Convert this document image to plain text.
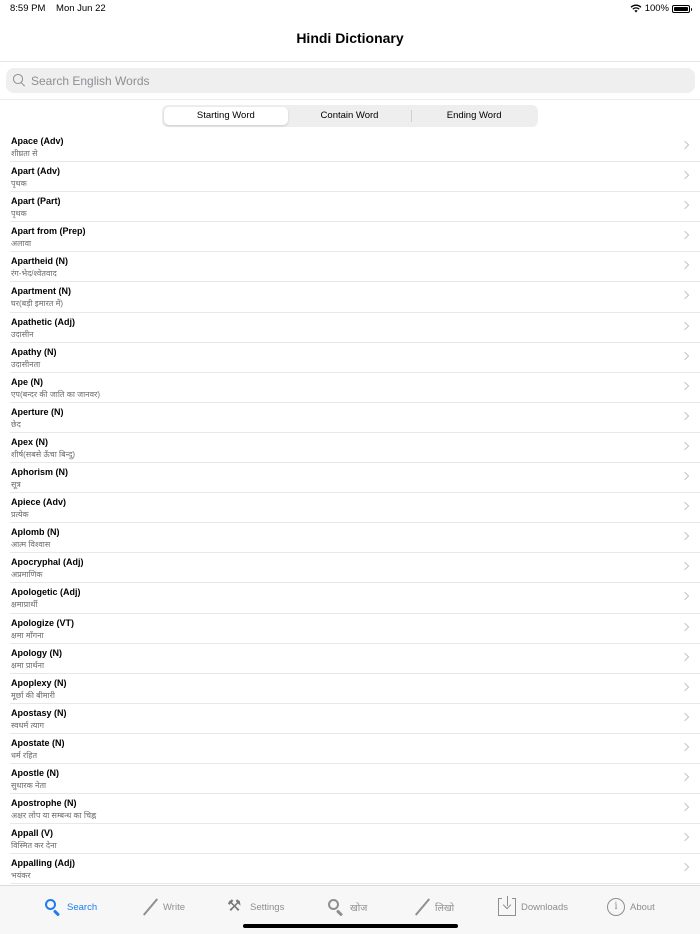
8:59 PM Mon Jun 22	100%
Hindi Dictionary
Search English Words
Starting Word	Contain Word	Ending Word
Apace (Adv)
शीघ्रता से
Apart (Adv)
पृथक
Apart (Part)
पृथक
Apart from (Prep)
अलावा
Apartheid (N)
रंग-भेद/श्वेतवाद
Apartment (N)
घर(बड़ी इमारत में)
Apathetic (Adj)
उदासीन
Apathy (N)
उदासीनता
Ape (N)
एप(बन्दर की जाति का जानवर)
Aperture (N)
छेद
Apex (N)
शीर्ष(सबसे ऊँचा बिन्दु)
Aphorism (N)
सूत्र
Apiece (Adv)
प्रत्येक
Aplomb (N)
आत्म विश्वास
Apocryphal (Adj)
अप्रमाणिक
Apologetic (Adj)
क्षमाप्रार्थी
Apologize (VT)
क्षमा माँगना
Apology (N)
क्षमा प्रार्थना
Apoplexy (N)
मूर्छा की बीमारी
Apostasy (N)
स्वधर्म त्याग
Apostate (N)
धर्म रहित
Apostle (N)
सुधारक नेता
Apostrophe (N)
अक्षर लोप या सम्बन्ध का चिह्न
Appall (V)
विस्मित कर देना
Appalling (Adj)
भयंकर
Search	Write	⚒ Settings	खोज	लिखो	Downloads	i	About
